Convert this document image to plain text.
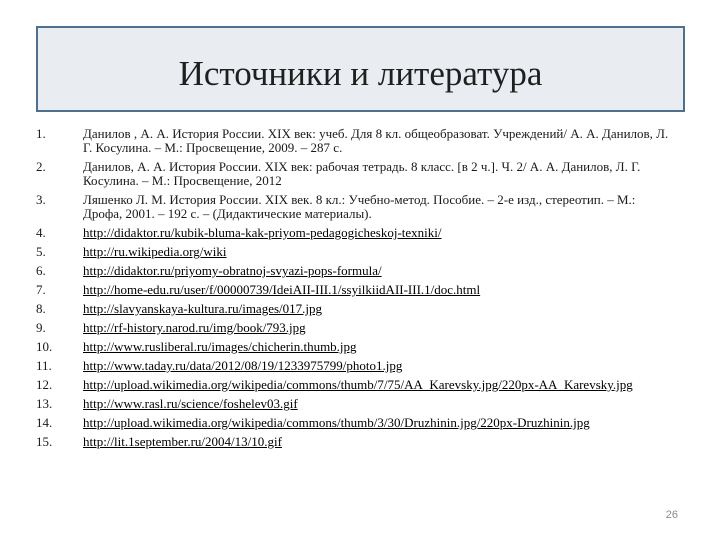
Источники и литература
1.	Данилов , А. А. История России. XIX век: учеб. Для 8 кл. общеобразоват. Учреждений/ А. А. Данилов, Л. Г. Косулина. – М.: Просвещение, 2009. – 287 с.
2.	Данилов, А. А. История России. XIX век: рабочая тетрадь. 8 класс. [в 2 ч.]. Ч. 2/ А. А. Данилов, Л. Г. Косулина. – М.: Просвещение, 2012
3.	Ляшенко Л. М. История России. XIX век. 8 кл.: Учебно-метод. Пособие. – 2-е изд., стереотип. – М.: Дрофа, 2001. – 192 с. – (Дидактические материалы).
4.	http://didaktor.ru/kubik-bluma-kak-priyom-pedagogicheskoj-texniki/
5.	http://ru.wikipedia.org/wiki
6.	http://didaktor.ru/priyomy-obratnoj-svyazi-pops-formula/
7.	http://home-edu.ru/user/f/00000739/IdeiAII-III.1/ssyilkiidAII-III.1/doc.html
8.	http://slavyanskaya-kultura.ru/images/017.jpg
9.	http://rf-history.narod.ru/img/book/793.jpg
10.	http://www.rusliberal.ru/images/chicherin.thumb.jpg
11.	http://www.taday.ru/data/2012/08/19/1233975799/photo1.jpg
12.	http://upload.wikimedia.org/wikipedia/commons/thumb/7/75/AA_Karevsky.jpg/220px-AA_Karevsky.jpg
13.	http://www.rasl.ru/science/foshelev03.gif
14.	http://upload.wikimedia.org/wikipedia/commons/thumb/3/30/Druzhinin.jpg/220px-Druzhinin.jpg
15.	http://lit.1september.ru/2004/13/10.gif
26
